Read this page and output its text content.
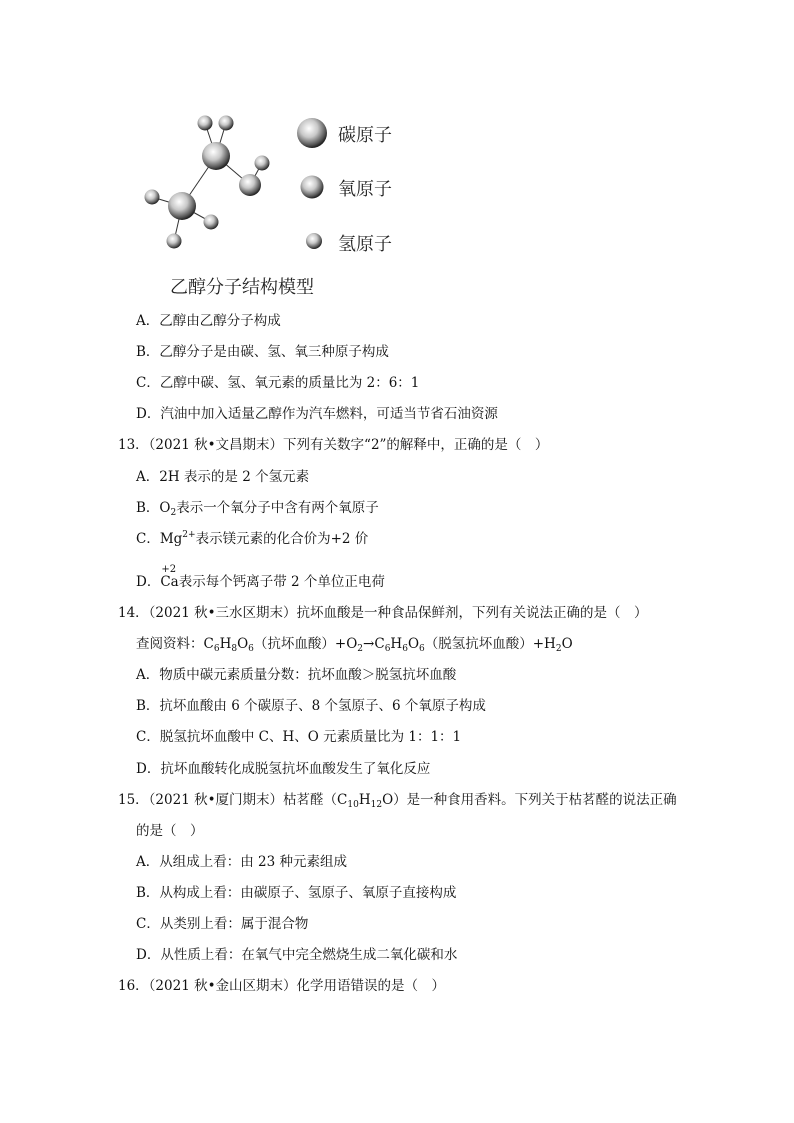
碳原子
氧原子
氢原子
乙醇分子结构模型
A．乙醇由乙醇分子构成
B．乙醇分子是由碳、氢、氧三种原子构成
C．乙醇中碳、氢、氧元素的质量比为 2：6：1
D．汽油中加入适量乙醇作为汽车燃料，可适当节省石油资源
13．（2021 秋•文昌期末）下列有关数字“2”的解释中，正确的是（　）
A．2H 表示的是 2 个氢元素
B．$O_2$表示一个氧分子中含有两个氧原子
C．$Mg^{2+}$表示镁元素的化合价为+2 价
D．
+2
Ca表示每个钙离子带 2 个单位正电荷
14．（2021 秋•三水区期末）抗坏血酸是一种食品保鲜剂，下列有关说法正确的是（　）
查阅资料：$C_6H_8O_6$（抗坏血酸）$+O_2\to C_6H_6O_6$（脱氢抗坏血酸）$+H_2O$
A．物质中碳元素质量分数：抗坏血酸＞脱氢抗坏血酸
B．抗坏血酸由 6 个碳原子、8 个氢原子、6 个氧原子构成
C．脱氢抗坏血酸中 C、H、O 元素质量比为 1：1：1
D．抗坏血酸转化成脱氢抗坏血酸发生了氧化反应
15．（2021 秋•厦门期末）枯茗醛$(C_{10}H_{12}O)$是一种食用香料。下列关于枯茗醛的说法正确
的是（　）
A．从组成上看：由 23 种元素组成
B．从构成上看：由碳原子、氢原子、氧原子直接构成
C．从类别上看：属于混合物
D．从性质上看：在氧气中完全燃烧生成二氧化碳和水
16．（2021 秋•金山区期末）化学用语错误的是（　）
